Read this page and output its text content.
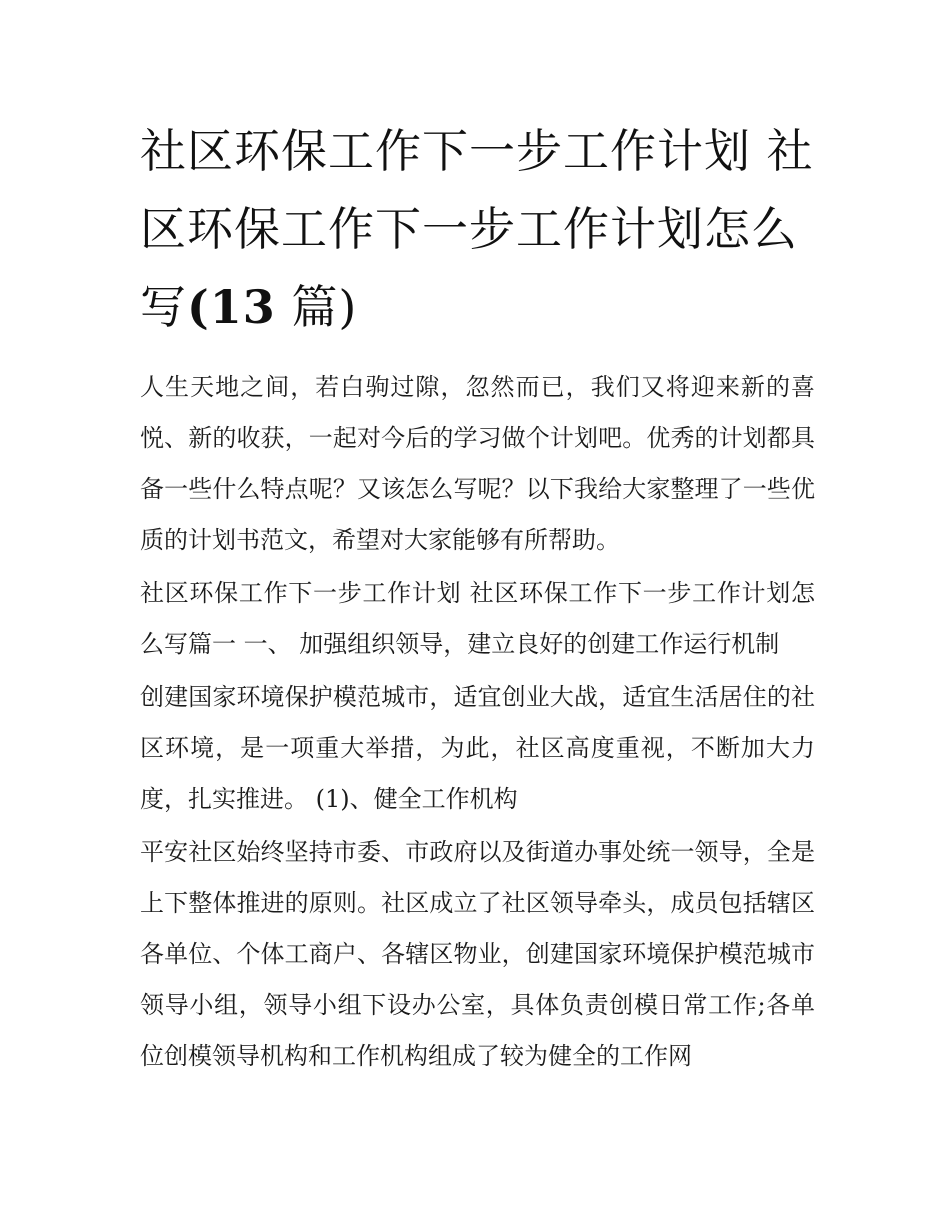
社区环保工作下一步工作计划 社区环保工作下一步工作计划怎么写(13 篇)

人生天地之间，若白驹过隙，忽然而已，我们又将迎来新的喜悦、新的收获，一起对今后的学习做个计划吧。优秀的计划都具备一些什么特点呢？又该怎么写呢？以下我给大家整理了一些优质的计划书范文，希望对大家能够有所帮助。

社区环保工作下一步工作计划 社区环保工作下一步工作计划怎么写篇一 一、 加强组织领导，建立良好的创建工作运行机制

创建国家环境保护模范城市，适宜创业大战，适宜生活居住的社区环境，是一项重大举措，为此，社区高度重视，不断加大力度，扎实推进。 (1)、健全工作机构

平安社区始终坚持市委、市政府以及街道办事处统一领导，全是上下整体推进的原则。社区成立了社区领导牵头，成员包括辖区各单位、个体工商户、各辖区物业，创建国家环境保护模范城市领导小组，领导小组下设办公室，具体负责创模日常工作;各单位创模领导机构和工作机构组成了较为健全的工作网
